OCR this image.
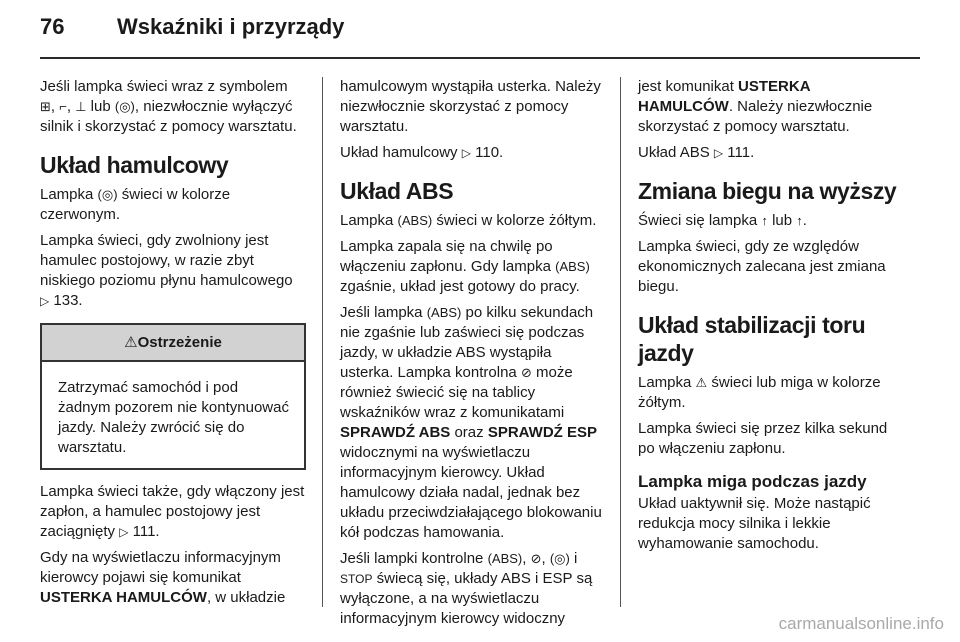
76 Wskaźniki i przyrządy

Jeśli lampka świeci wraz z symbolem ⊞, ⌐, ⊥ lub (◎), niezwłocznie wyłączyć silnik i skorzystać z pomocy warsztatu.

Układ hamulcowy

Lampka (◎) świeci w kolorze czerwonym.

Lampka świeci, gdy zwolniony jest hamulec postojowy, w razie zbyt niskiego poziomu płynu hamulcowego ▷ 133.

⚠Ostrzeżenie
Zatrzymać samochód i pod żadnym pozorem nie kontynuować jazdy. Należy zwrócić się do warsztatu.

Lampka świeci także, gdy włączony jest zapłon, a hamulec postojowy jest zaciągnięty ▷ 111.

Gdy na wyświetlaczu informacyjnym kierowcy pojawi się komunikat USTERKA HAMULCÓW, w układzie

hamulcowym wystąpiła usterka. Należy niezwłocznie skorzystać z pomocy warsztatu.

Układ hamulcowy ▷ 110.

Układ ABS

Lampka (ABS) świeci w kolorze żółtym.

Lampka zapala się na chwilę po włączeniu zapłonu. Gdy lampka (ABS) zgaśnie, układ jest gotowy do pracy.

Jeśli lampka (ABS) po kilku sekundach nie zgaśnie lub zaświeci się podczas jazdy, w układzie ABS wystąpiła usterka. Lampka kontrolna ⊘ może również świecić się na tablicy wskaźników wraz z komunikatami SPRAWDŹ ABS oraz SPRAWDŹ ESP widocznymi na wyświetlaczu informacyjnym kierowcy. Układ hamulcowy działa nadal, jednak bez układu przeciwdziałającego blokowaniu kół podczas hamowania.

Jeśli lampki kontrolne (ABS), ⊘, (◎) i STOP świecą się, układy ABS i ESP są wyłączone, a na wyświetlaczu informacyjnym kierowcy widoczny

jest komunikat USTERKA HAMULCÓW. Należy niezwłocznie skorzystać z pomocy warsztatu.

Układ ABS ▷ 111.

Zmiana biegu na wyższy

Świeci się lampka ↑ lub ↑.

Lampka świeci, gdy ze względów ekonomicznych zalecana jest zmiana biegu.

Układ stabilizacji toru jazdy

Lampka ⚠ świeci lub miga w kolorze żółtym.

Lampka świeci się przez kilka sekund po włączeniu zapłonu.

Lampka miga podczas jazdy

Układ uaktywnił się. Może nastąpić redukcja mocy silnika i lekkie wyhamowanie samochodu.

carmanualsonline.info
